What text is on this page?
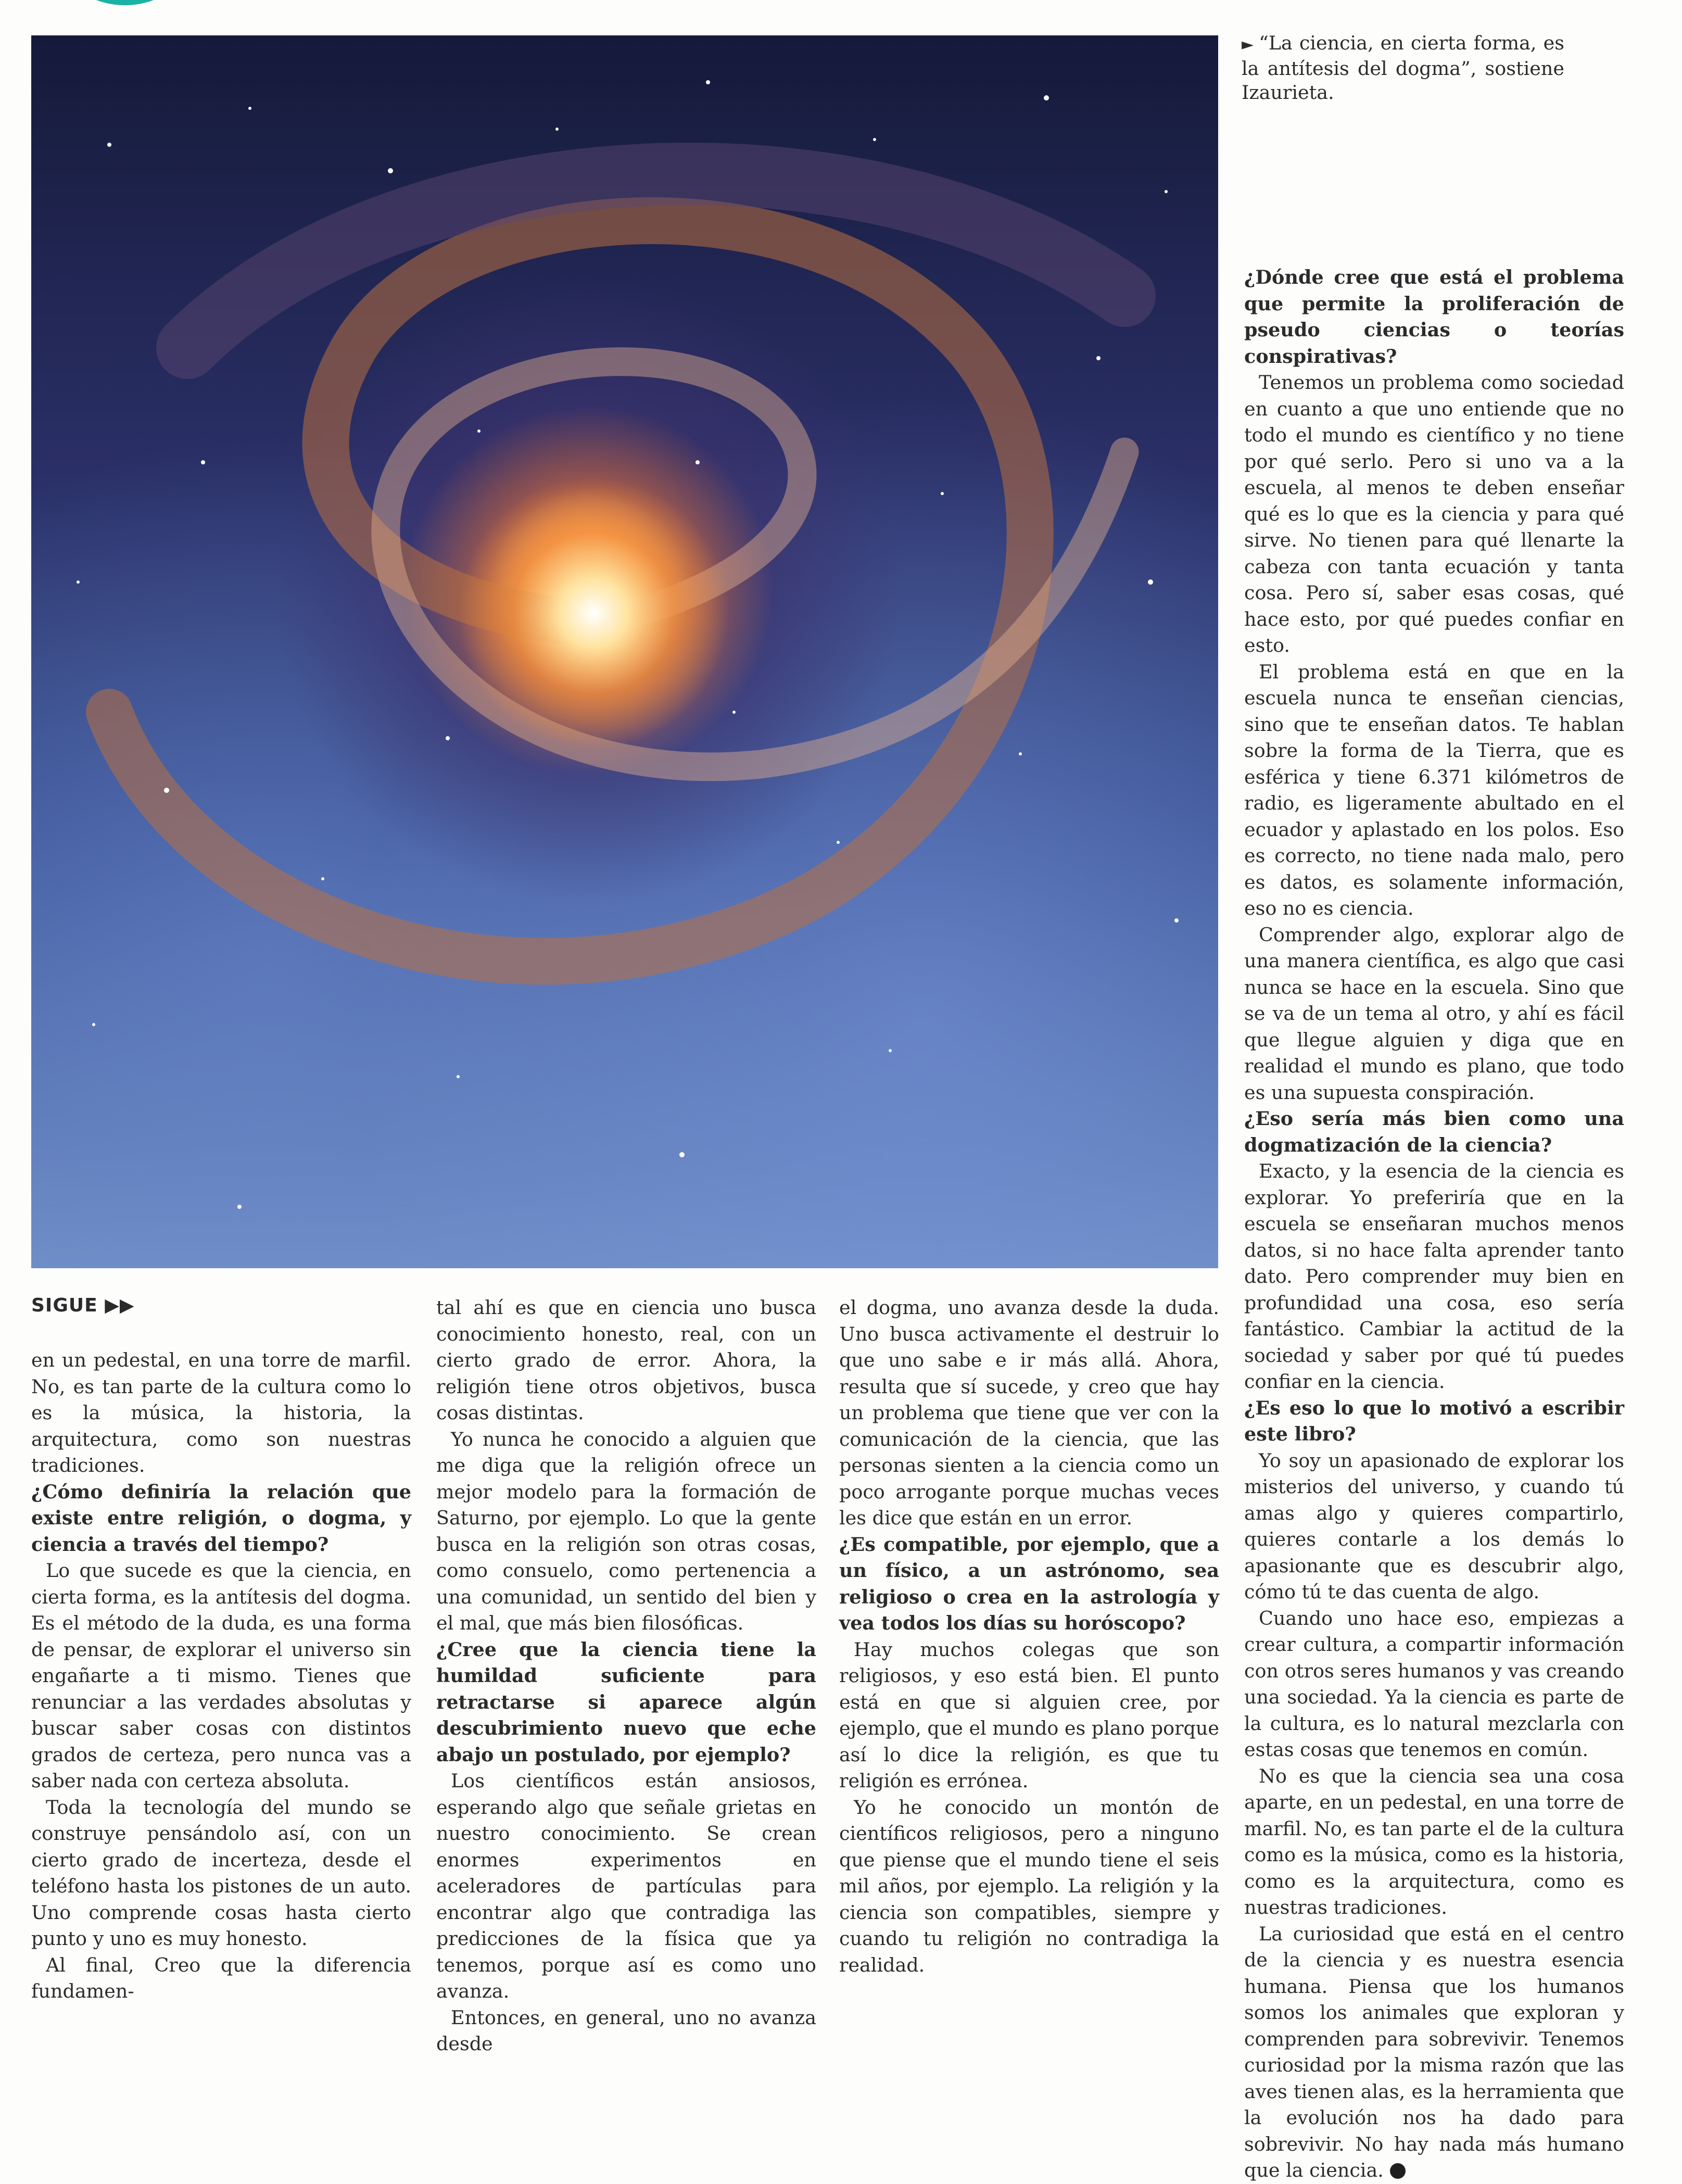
► “La ciencia, en cierta forma, es la antítesis del dogma”, sostiene Izaurieta.
SIGUE ▶▶

en un pedestal, en una torre de marfil. No, es tan parte de la cultura como lo es la música, la historia, la arquitectura, como son nuestras tradiciones.

¿Cómo definiría la relación que existe entre religión, o dogma, y ciencia a través del tiempo?

Lo que sucede es que la ciencia, en cierta forma, es la antítesis del dogma. Es el método de la duda, es una forma de pensar, de explorar el universo sin engañarte a ti mismo. Tienes que renunciar a las verdades absolutas y buscar saber cosas con distintos grados de certeza, pero nunca vas a saber nada con certeza absoluta.

Toda la tecnología del mundo se construye pensándolo así, con un cierto grado de incerteza, desde el teléfono hasta los pistones de un auto. Uno comprende cosas hasta cierto punto y uno es muy honesto.

Al final, Creo que la diferencia fundamen-

tal ahí es que en ciencia uno busca conocimiento honesto, real, con un cierto grado de error. Ahora, la religión tiene otros objetivos, busca cosas distintas.

Yo nunca he conocido a alguien que me diga que la religión ofrece un mejor modelo para la formación de Saturno, por ejemplo. Lo que la gente busca en la religión son otras cosas, como consuelo, como pertenencia a una comunidad, un sentido del bien y el mal, que más bien filosóficas.

¿Cree que la ciencia tiene la humildad suficiente para retractarse si aparece algún descubrimiento nuevo que eche abajo un postulado, por ejemplo?

Los científicos están ansiosos, esperando algo que señale grietas en nuestro conocimiento. Se crean enormes experimentos en aceleradores de partículas para encontrar algo que contradiga las predicciones de la física que ya tenemos, porque así es como uno avanza.

Entonces, en general, uno no avanza desde

el dogma, uno avanza desde la duda. Uno busca activamente el destruir lo que uno sabe e ir más allá. Ahora, resulta que sí sucede, y creo que hay un problema que tiene que ver con la comunicación de la ciencia, que las personas sienten a la ciencia como un poco arrogante porque muchas veces les dice que están en un error.

¿Es compatible, por ejemplo, que a un físico, a un astrónomo, sea religioso o crea en la astrología y vea todos los días su horóscopo?

Hay muchos colegas que son religiosos, y eso está bien. El punto está en que si alguien cree, por ejemplo, que el mundo es plano porque así lo dice la religión, es que tu religión es errónea.

Yo he conocido un montón de científicos religiosos, pero a ninguno que piense que el mundo tiene el seis mil años, por ejemplo. La religión y la ciencia son compatibles, siempre y cuando tu religión no contradiga la realidad.

¿Dónde cree que está el problema que permite la proliferación de pseudo ciencias o teorías conspirativas?

Tenemos un problema como sociedad en cuanto a que uno entiende que no todo el mundo es científico y no tiene por qué serlo. Pero si uno va a la escuela, al menos te deben enseñar qué es lo que es la ciencia y para qué sirve. No tienen para qué llenarte la cabeza con tanta ecuación y tanta cosa. Pero sí, saber esas cosas, qué hace esto, por qué puedes confiar en esto.

El problema está en que en la escuela nunca te enseñan ciencias, sino que te enseñan datos. Te hablan sobre la forma de la Tierra, que es esférica y tiene 6.371 kilómetros de radio, es ligeramente abultado en el ecuador y aplastado en los polos. Eso es correcto, no tiene nada malo, pero es datos, es solamente información, eso no es ciencia.

Comprender algo, explorar algo de una manera científica, es algo que casi nunca se hace en la escuela. Sino que se va de un tema al otro, y ahí es fácil que llegue alguien y diga que en realidad el mundo es plano, que todo es una supuesta conspiración.

¿Eso sería más bien como una dogmatización de la ciencia?

Exacto, y la esencia de la ciencia es explorar. Yo preferiría que en la escuela se enseñaran muchos menos datos, si no hace falta aprender tanto dato. Pero comprender muy bien en profundidad una cosa, eso sería fantástico. Cambiar la actitud de la sociedad y saber por qué tú puedes confiar en la ciencia.

¿Es eso lo que lo motivó a escribir este libro?

Yo soy un apasionado de explorar los misterios del universo, y cuando tú amas algo y quieres compartirlo, quieres contarle a los demás lo apasionante que es descubrir algo, cómo tú te das cuenta de algo.

Cuando uno hace eso, empiezas a crear cultura, a compartir información con otros seres humanos y vas creando una sociedad. Ya la ciencia es parte de la cultura, es lo natural mezclarla con estas cosas que tenemos en común.

No es que la ciencia sea una cosa aparte, en un pedestal, en una torre de marfil. No, es tan parte el de la cultura como es la música, como es la historia, como es la arquitectura, como es nuestras tradiciones.

La curiosidad que está en el centro de la ciencia y es nuestra esencia humana. Piensa que los humanos somos los animales que exploran y comprenden para sobrevivir. Tenemos curiosidad por la misma razón que las aves tienen alas, es la herramienta que la evolución nos ha dado para sobrevivir. No hay nada más humano que la ciencia.
